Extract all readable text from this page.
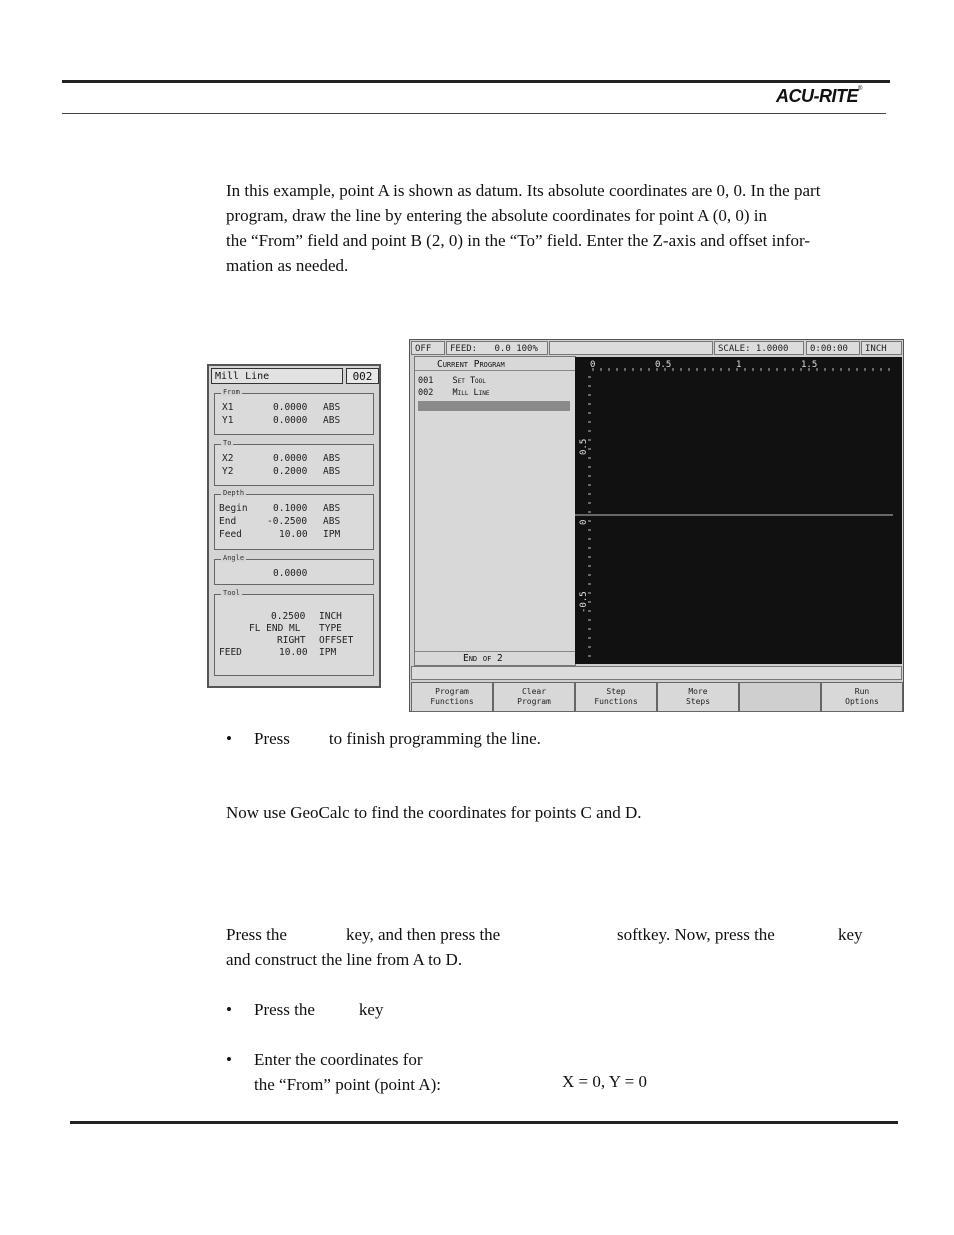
ACU-RITE®
In this example, point A is shown as datum. Its absolute coordinates are 0, 0. In the part
program, draw the line by entering the absolute coordinates for point A (0, 0) in
the “From” field and point B (2, 0) in the “To” field. Enter the Z-axis and offset infor-
mation as needed.
Mill Line	002
From
X1	0.0000 ABS
Y1	0.0000 ABS
To
X2	0.0000 ABS
Y2	0.2000 ABS
Depth
Begin	0.1000 ABS
End	-0.2500 ABS
Feed	10.00 IPM
Angle
0.0000
Tool
0.2500 INCH
FL END ML TYPE
RIGHT OFFSET
FEED	10.00 IPM
OFF	FEED: 0.0 100%	SCALE: 1.0000	0:00:00	INCH
Current Program
001 Set Tool
002 Mill Line
End of 2
0	0.5	1	1.5
0.5
0
-0.5
Program
Functions
Clear
Program
Step
Functions
More
Steps
Run
Options
• Press to finish programming the line.
Now use GeoCalc to find the coordinates for points C and D.
Press the	key, and then press the	softkey. Now, press the	key
and construct the line from A to D.
• Press the	key
• Enter the coordinates for
the “From” point (point A):	X = 0, Y = 0
